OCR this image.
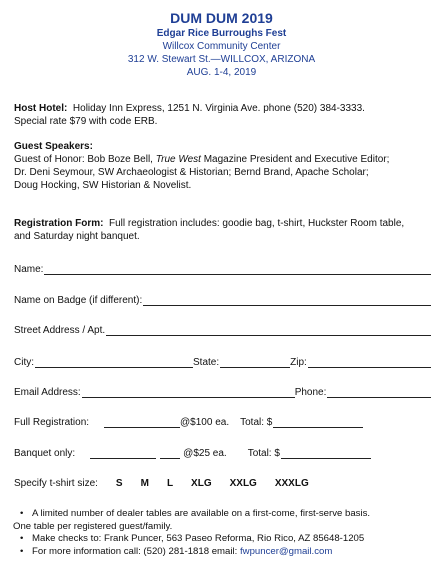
DUM DUM 2019
Edgar Rice Burroughs Fest
Willcox Community Center
312 W. Stewart St.—WILLCOX, ARIZONA
AUG. 1-4, 2019
Host Hotel: Holiday Inn Express, 1251 N. Virginia Ave. phone (520) 384-3333.
Special rate $79 with code ERB.
Guest Speakers:
Guest of Honor: Bob Boze Bell, True West Magazine President and Executive Editor;
Dr. Deni Seymour, SW Archaeologist & Historian; Bernd Brand, Apache Scholar;
Doug Hocking, SW Historian & Novelist.
Registration Form: Full registration includes: goodie bag, t-shirt, Huckster Room table,
and Saturday night banquet.
Name:
Name on Badge (if different):
Street Address / Apt.
City:	State:	Zip:
Email Address:	Phone:
Full Registration:	@$100 ea. Total: $
Banquet only:	@$25 ea. Total: $
Specify t-shirt size: S M L XLG XXLG XXXLG
• A limited number of dealer tables are available on a first-come, first-serve basis.
One table per registered guest/family.
• Make checks to: Frank Puncer, 563 Paseo Reforma, Rio Rico, AZ 85648-1205
• For more information call: (520) 281-1818 email: fwpuncer@gmail.com
